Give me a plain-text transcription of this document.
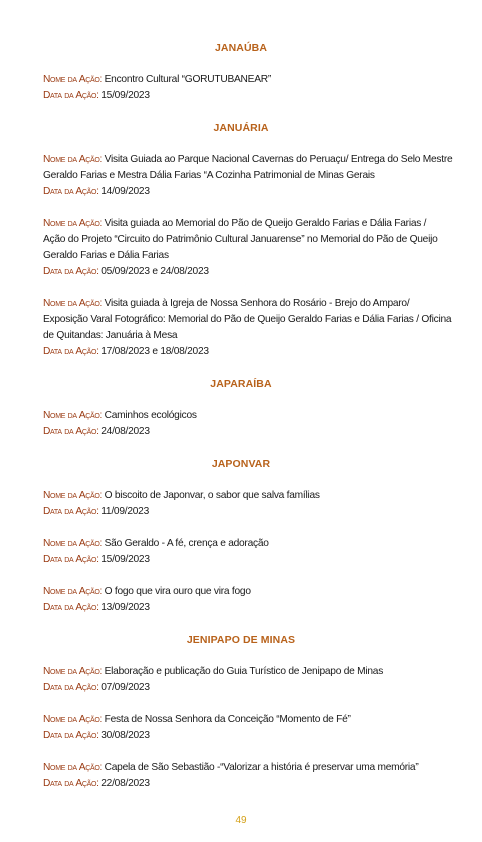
JANAÚBA
Nome da Ação: Encontro Cultural “GORUTUBANEAR”
Data da Ação: 15/09/2023
JANUÁRIA
Nome da Ação: Visita Guiada ao Parque Nacional Cavernas do Peruaçu/ Entrega do Selo Mestre
Geraldo Farias e Mestra Dália Farias “A Cozinha Patrimonial de Minas Gerais
Data da Ação: 14/09/2023
Nome da Ação: Visita guiada ao Memorial do Pão de Queijo Geraldo Farias e Dália Farias /
Ação do Projeto “Circuito do Patrimônio Cultural Januarense” no Memorial do Pão de Queijo
Geraldo Farias e Dália Farias
Data da Ação: 05/09/2023 e 24/08/2023
Nome da Ação: Visita guiada à Igreja de Nossa Senhora do Rosário - Brejo do Amparo/
Exposição Varal Fotográfico: Memorial do Pão de Queijo Geraldo Farias e Dália Farias / Oficina
de Quitandas: Januária à Mesa
Data da Ação: 17/08/2023 e 18/08/2023
JAPARAÍBA
Nome da Ação: Caminhos ecológicos
Data da Ação: 24/08/2023
JAPONVAR
Nome da Ação: O biscoito de Japonvar, o sabor que salva famílias
Data da Ação: 11/09/2023
Nome da Ação: São Geraldo - A fé, crença e adoração
Data da Ação: 15/09/2023
Nome da Ação: O fogo que vira ouro que vira fogo
Data da Ação: 13/09/2023
JENIPAPO DE MINAS
Nome da Ação: Elaboração e publicação do Guia Turístico de Jenipapo de Minas
Data da Ação: 07/09/2023
Nome da Ação: Festa de Nossa Senhora da Conceição “Momento de Fé”
Data da Ação: 30/08/2023
Nome da Ação: Capela de São Sebastião -“Valorizar a história é preservar uma memória”
Data da Ação: 22/08/2023
49
